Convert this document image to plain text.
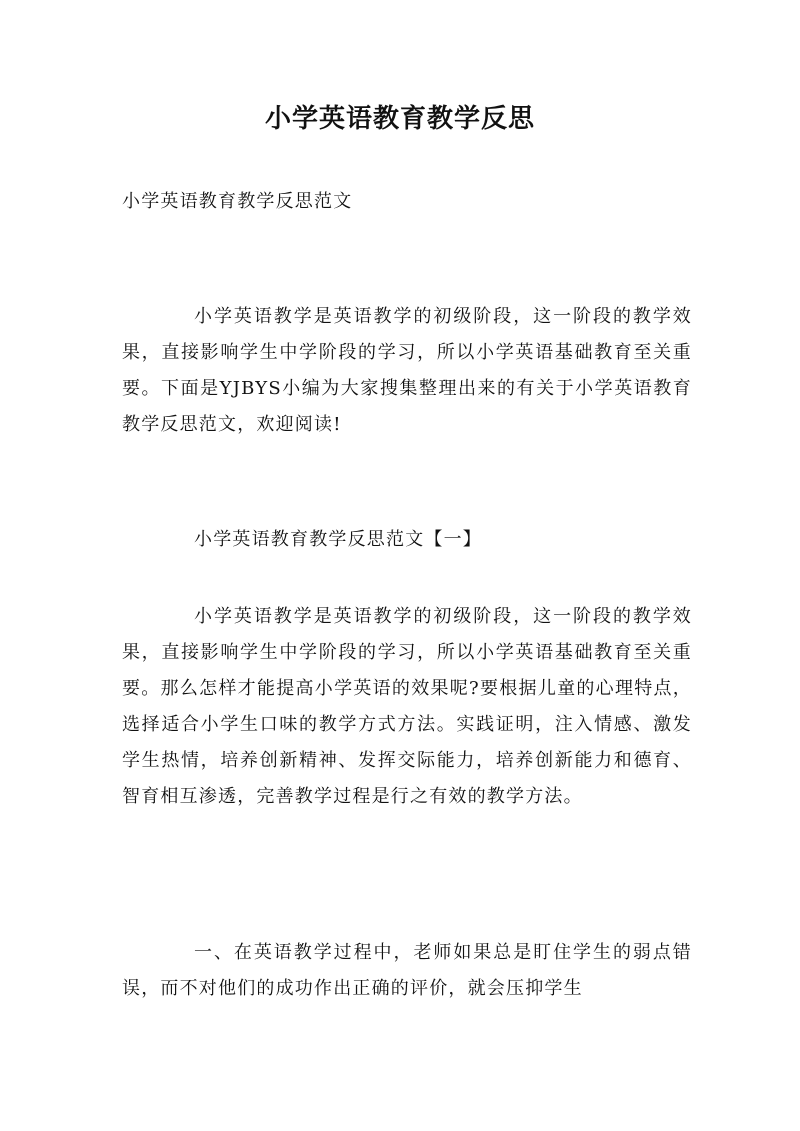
小学英语教育教学反思
小学英语教育教学反思范文
小学英语教学是英语教学的初级阶段，这一阶段的教学效果，直接影响学生中学阶段的学习，所以小学英语基础教育至关重要。下面是YJBYS小编为大家搜集整理出来的有关于小学英语教育教学反思范文，欢迎阅读!
小学英语教育教学反思范文【一】
小学英语教学是英语教学的初级阶段，这一阶段的教学效果，直接影响学生中学阶段的学习，所以小学英语基础教育至关重要。那么怎样才能提高小学英语的效果呢?要根据儿童的心理特点，选择适合小学生口味的教学方式方法。实践证明，注入情感、激发学生热情，培养创新精神、发挥交际能力，培养创新能力和德育、智育相互渗透，完善教学过程是行之有效的教学方法。
一、在英语教学过程中，老师如果总是盯住学生的弱点错误，而不对他们的成功作出正确的评价，就会压抑学生
